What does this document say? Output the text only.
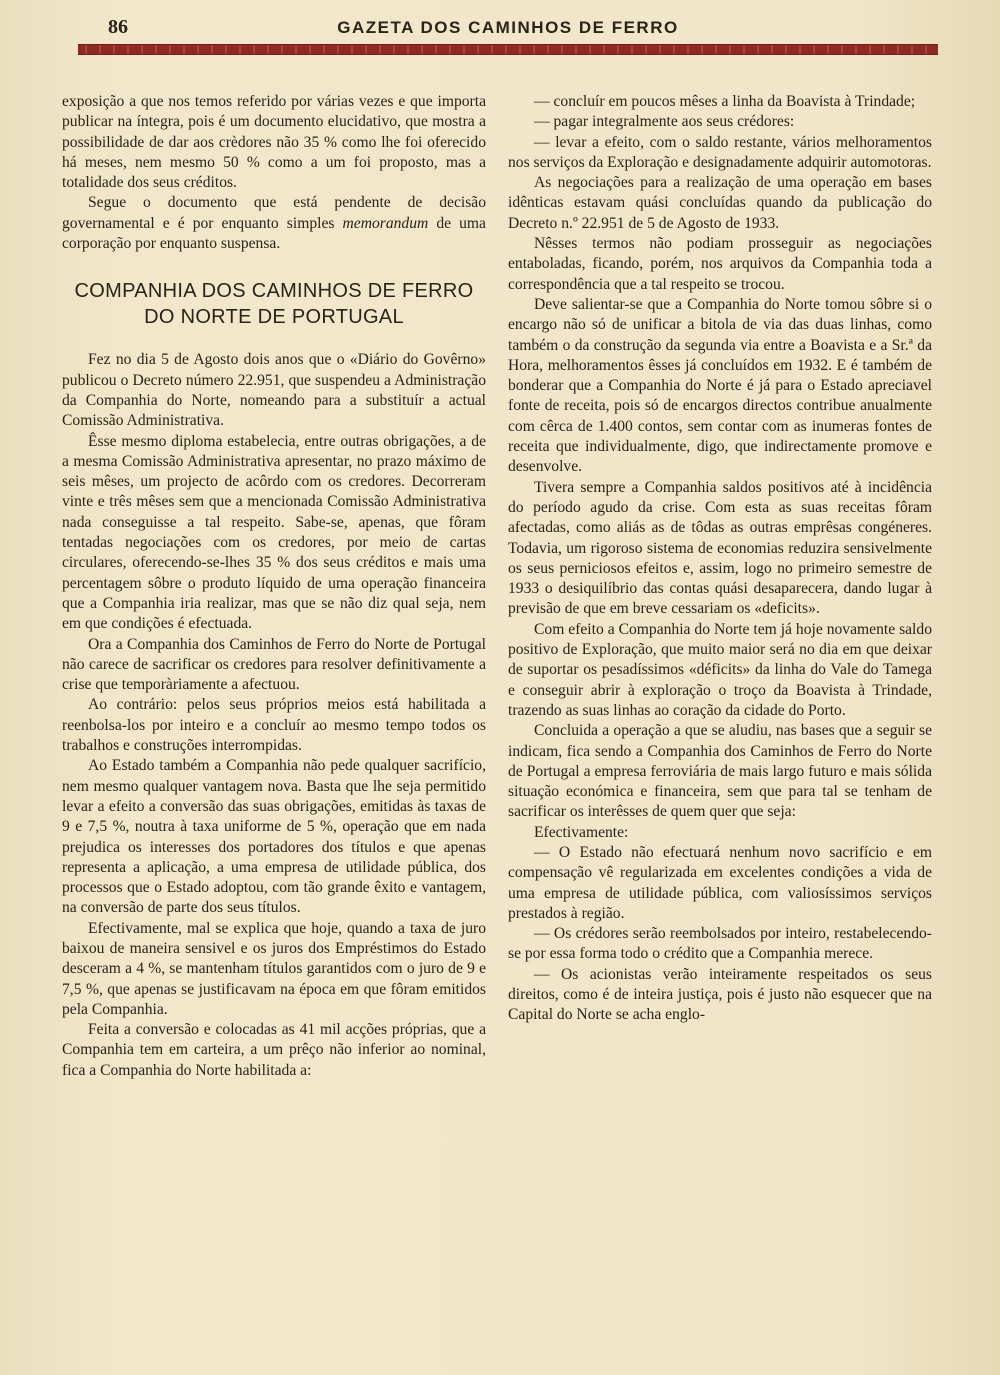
86	GAZETA DOS CAMINHOS DE FERRO

exposição a que nos temos referido por várias vezes e que importa publicar na íntegra, pois é um documento elucidativo, que mostra a possibilidade de dar aos crèdores não 35 % como lhe foi oferecido há meses, nem mesmo 50 % como a um foi proposto, mas a totalidade dos seus créditos.

Segue o documento que está pendente de decisão governamental e é por enquanto simples memorandum de uma corporação por enquanto suspensa.

COMPANHIA DOS CAMINHOS DE FERRO
DO NORTE DE PORTUGAL

Fez no dia 5 de Agosto dois anos que o «Diário do Govêrno» publicou o Decreto número 22.951, que suspendeu a Administração da Companhia do Norte, nomeando para a substituír a actual Comissão Administrativa.

Êsse mesmo diploma estabelecia, entre outras obrigações, a de a mesma Comissão Administrativa apresentar, no prazo máximo de seis mêses, um projecto de acôrdo com os credores. Decorreram vinte e três mêses sem que a mencionada Comissão Administrativa nada conseguisse a tal respeito. Sabe-se, apenas, que fôram tentadas negociações com os credores, por meio de cartas circulares, oferecendo-se-lhes 35 % dos seus créditos e mais uma percentagem sôbre o produto líquido de uma operação financeira que a Companhia iria realizar, mas que se não diz qual seja, nem em que condições é efectuada.

Ora a Companhia dos Caminhos de Ferro do Norte de Portugal não carece de sacrificar os credores para resolver definitivamente a crise que temporàriamente a afectuou.

Ao contrário: pelos seus próprios meios está habilitada a reenbolsa-los por inteiro e a concluír ao mesmo tempo todos os trabalhos e construções interrompidas.

Ao Estado também a Companhia não pede qualquer sacrifício, nem mesmo qualquer vantagem nova. Basta que lhe seja permitido levar a efeito a conversão das suas obrigações, emitidas às taxas de 9 e 7,5 %, noutra à taxa uniforme de 5 %, operação que em nada prejudica os interesses dos portadores dos títulos e que apenas representa a aplicação, a uma empresa de utilidade pública, dos processos que o Estado adoptou, com tão grande êxito e vantagem, na conversão de parte dos seus títulos.

Efectivamente, mal se explica que hoje, quando a taxa de juro baixou de maneira sensivel e os juros dos Empréstimos do Estado desceram a 4 %, se mantenham títulos garantidos com o juro de 9 e 7,5 %, que apenas se justificavam na época em que fôram emitidos pela Companhia.

Feita a conversão e colocadas as 41 mil acções próprias, que a Companhia tem em carteira, a um prêço não inferior ao nominal, fica a Companhia do Norte habilitada a:

— concluír em poucos mêses a linha da Boavista à Trindade;

— pagar integralmente aos seus crédores:

— levar a efeito, com o saldo restante, vários melhoramentos nos serviços da Exploração e designadamente adquirir automotoras.

As negociações para a realização de uma operação em bases idênticas estavam quási concluídas quando da publicação do Decreto n.º 22.951 de 5 de Agosto de 1933.

Nêsses termos não podiam prosseguir as negociações entaboladas, ficando, porém, nos arquivos da Companhia toda a correspondência que a tal respeito se trocou.

Deve salientar-se que a Companhia do Norte tomou sôbre si o encargo não só de unificar a bitola de via das duas linhas, como também o da construção da segunda via entre a Boavista e a Sr.ª da Hora, melhoramentos êsses já concluídos em 1932. E é também de bonderar que a Companhia do Norte é já para o Estado apreciavel fonte de receita, pois só de encargos directos contribue anualmente com cêrca de 1.400 contos, sem contar com as inumeras fontes de receita que individualmente, digo, que indirectamente promove e desenvolve.

Tivera sempre a Companhia saldos positivos até à incidência do período agudo da crise. Com esta as suas receitas fôram afectadas, como aliás as de tôdas as outras emprêsas congéneres. Todavia, um rigoroso sistema de economias reduzira sensivelmente os seus perniciosos efeitos e, assim, logo no primeiro semestre de 1933 o desiquilíbrio das contas quási desaparecera, dando lugar à previsão de que em breve cessariam os «deficits».

Com efeito a Companhia do Norte tem já hoje novamente saldo positivo de Exploração, que muito maior será no dia em que deixar de suportar os pesadíssimos «déficits» da linha do Vale do Tamega e conseguir abrir à exploração o troço da Boavista à Trindade, trazendo as suas linhas ao coração da cidade do Porto.

Concluida a operação a que se aludiu, nas bases que a seguir se indicam, fica sendo a Companhia dos Caminhos de Ferro do Norte de Portugal a empresa ferroviária de mais largo futuro e mais sólida situação económica e financeira, sem que para tal se tenham de sacrificar os interêsses de quem quer que seja:

Efectivamente:

— O Estado não efectuará nenhum novo sacrifício e em compensação vê regularizada em excelentes condições a vida de uma empresa de utilidade pública, com valiosíssimos serviços prestados à região.

— Os crédores serão reembolsados por inteiro, restabelecendo-se por essa forma todo o crédito que a Companhia merece.

— Os acionistas verão inteiramente respeitados os seus direitos, como é de inteira justiça, pois é justo não esquecer que na Capital do Norte se acha englo-
